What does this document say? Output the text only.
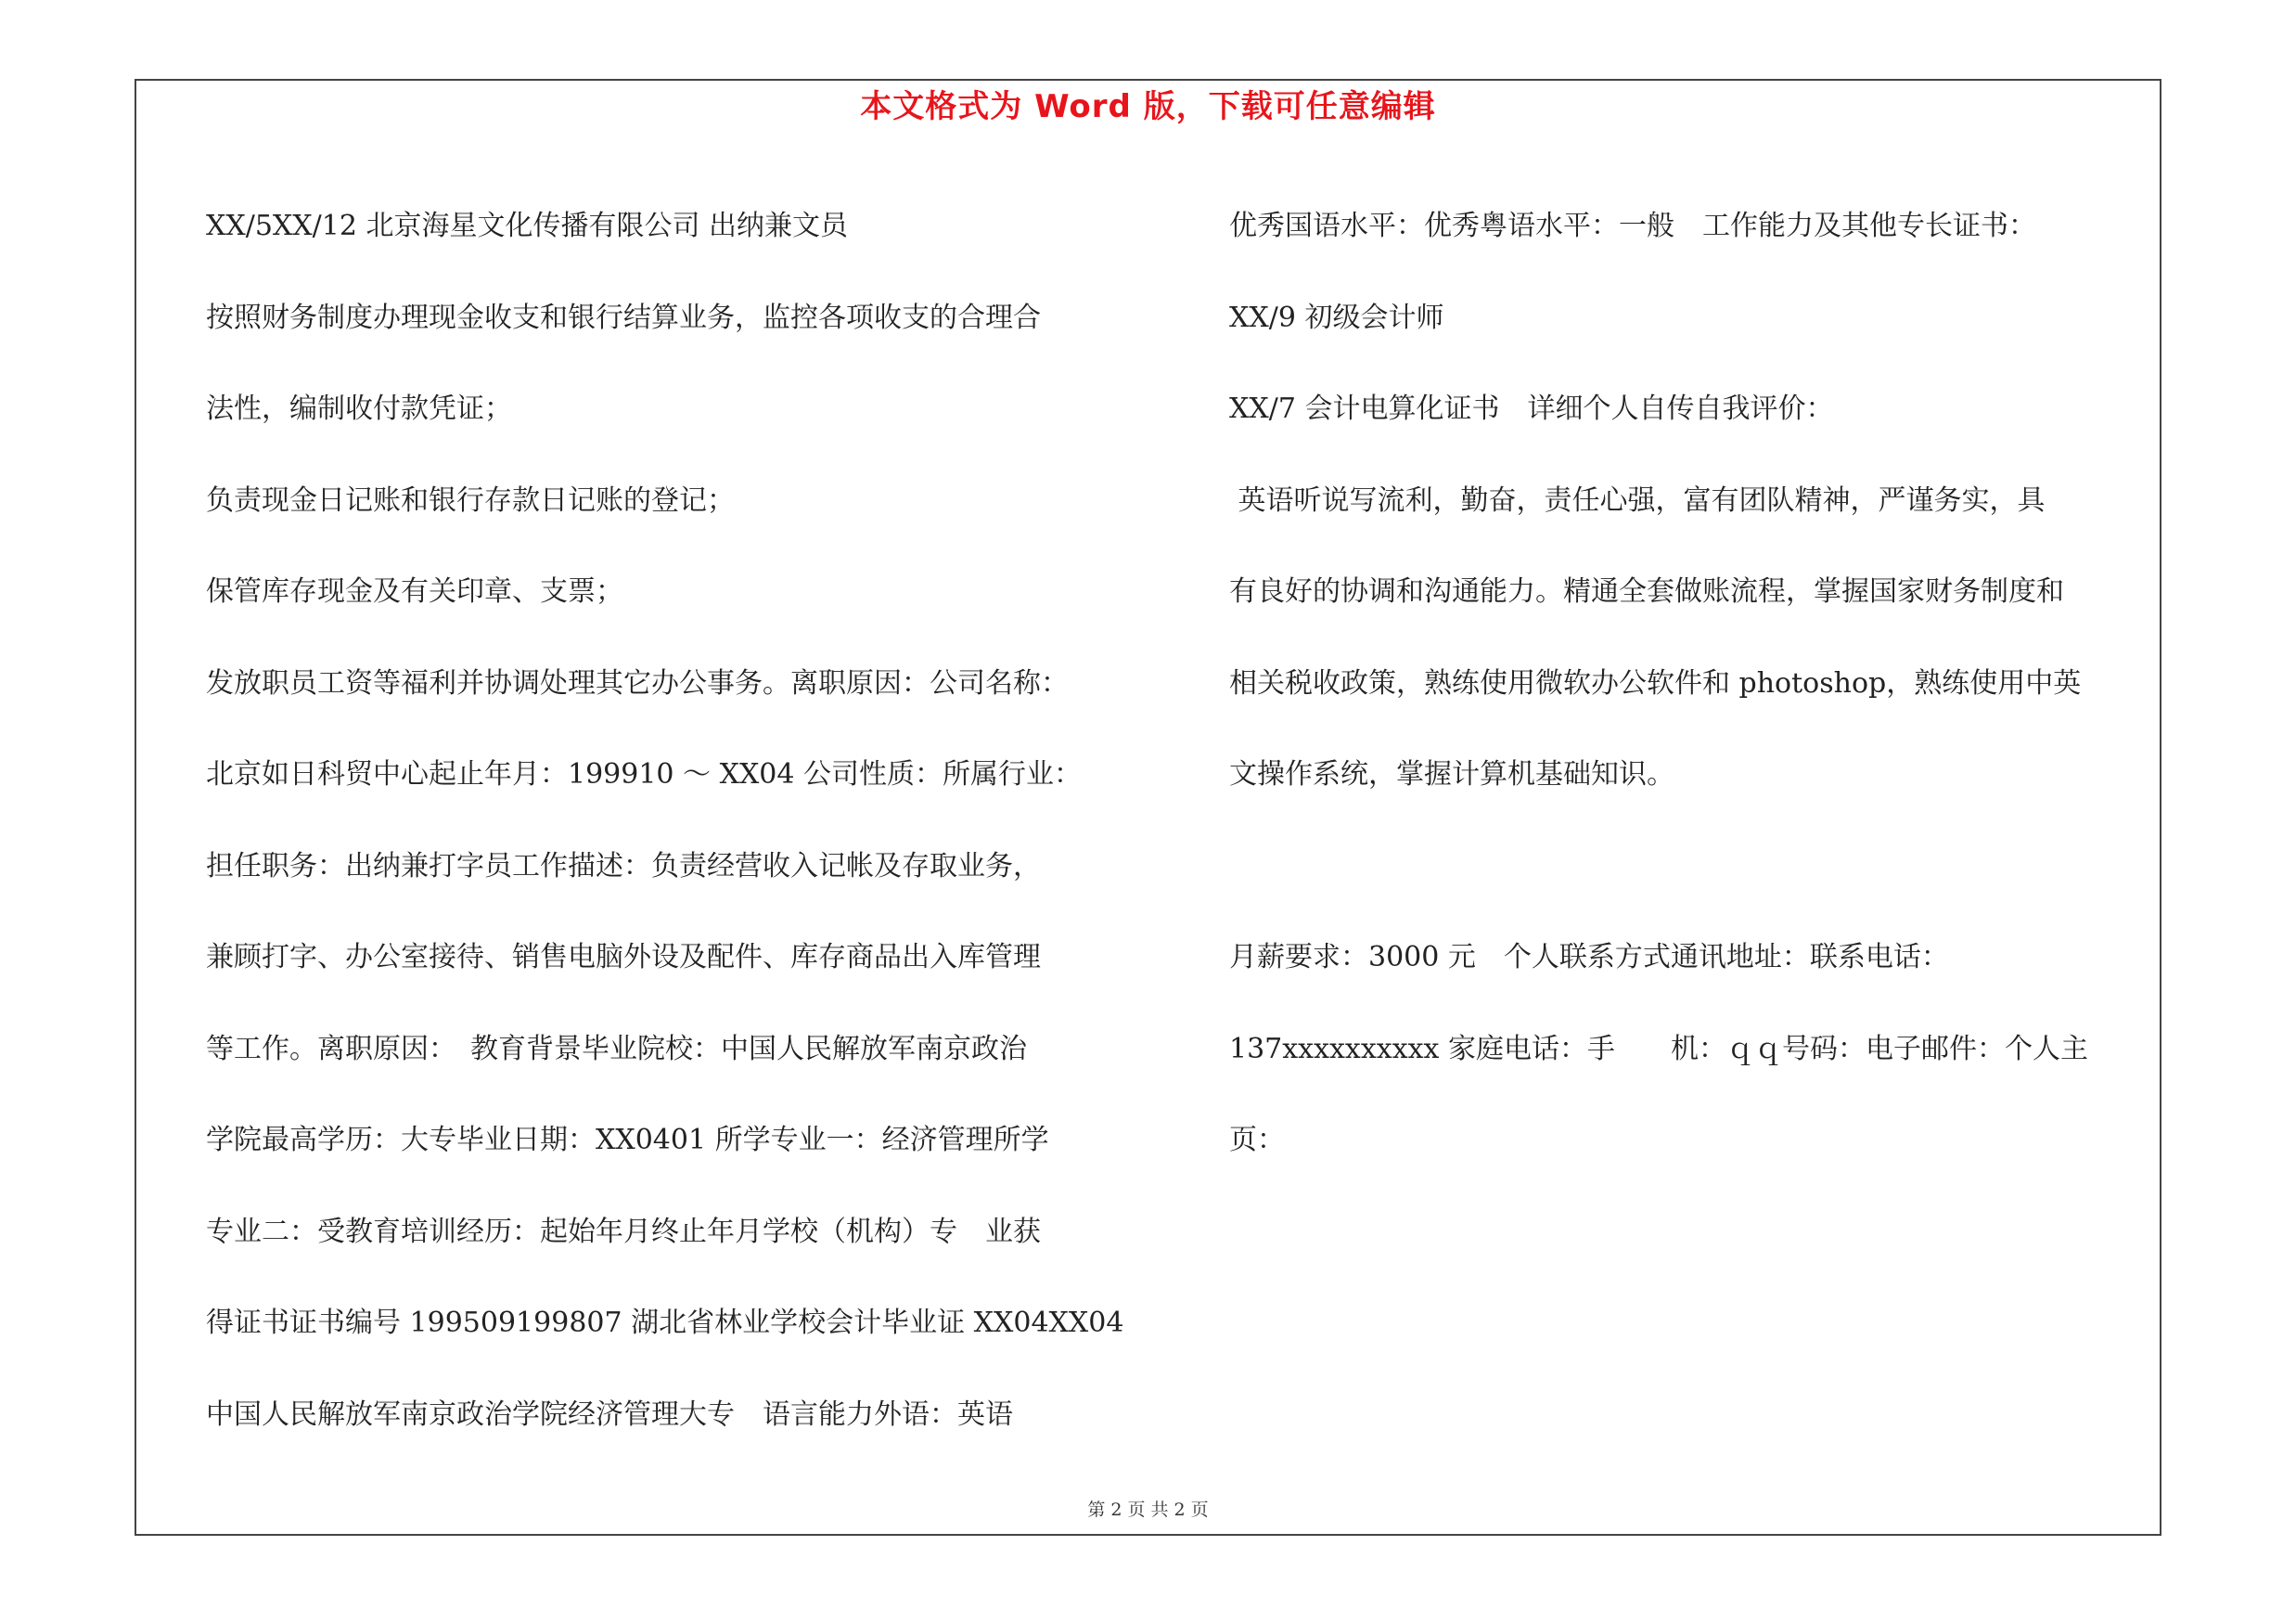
本文格式为 Word 版，下载可任意编辑
XX/5XX/12 北京海星文化传播有限公司 出纳兼文员
按照财务制度办理现金收支和银行结算业务，监控各项收支的合理合
法性，编制收付款凭证；
负责现金日记账和银行存款日记账的登记；
保管库存现金及有关印章、支票；
发放职员工资等福利并协调处理其它办公事务。离职原因：公司名称：
北京如日科贸中心起止年月：199910 ～ XX04 公司性质：所属行业：
担任职务：出纳兼打字员工作描述：负责经营收入记帐及存取业务，
兼顾打字、办公室接待、销售电脑外设及配件、库存商品出入库管理
等工作。离职原因：　教育背景毕业院校：中国人民解放军南京政治
学院最高学历：大专毕业日期：XX0401 所学专业一：经济管理所学
专业二：受教育培训经历：起始年月终止年月学校（机构）专　业获
得证书证书编号 199509199807 湖北省林业学校会计毕业证 XX04XX04
中国人民解放军南京政治学院经济管理大专　语言能力外语：英语
优秀国语水平：优秀粤语水平：一般　工作能力及其他专长证书：
XX/9 初级会计师
XX/7 会计电算化证书　详细个人自传自我评价：
英语听说写流利，勤奋，责任心强，富有团队精神，严谨务实，具
有良好的协调和沟通能力。精通全套做账流程，掌握国家财务制度和
相关税收政策，熟练使用微软办公软件和 photoshop，熟练使用中英
文操作系统，掌握计算机基础知识。
月薪要求：3000 元　个人联系方式通讯地址：联系电话：
137xxxxxxxxxx 家庭电话：手　　机：ｑｑ号码：电子邮件：个人主
页：
第 2 页 共 2 页
